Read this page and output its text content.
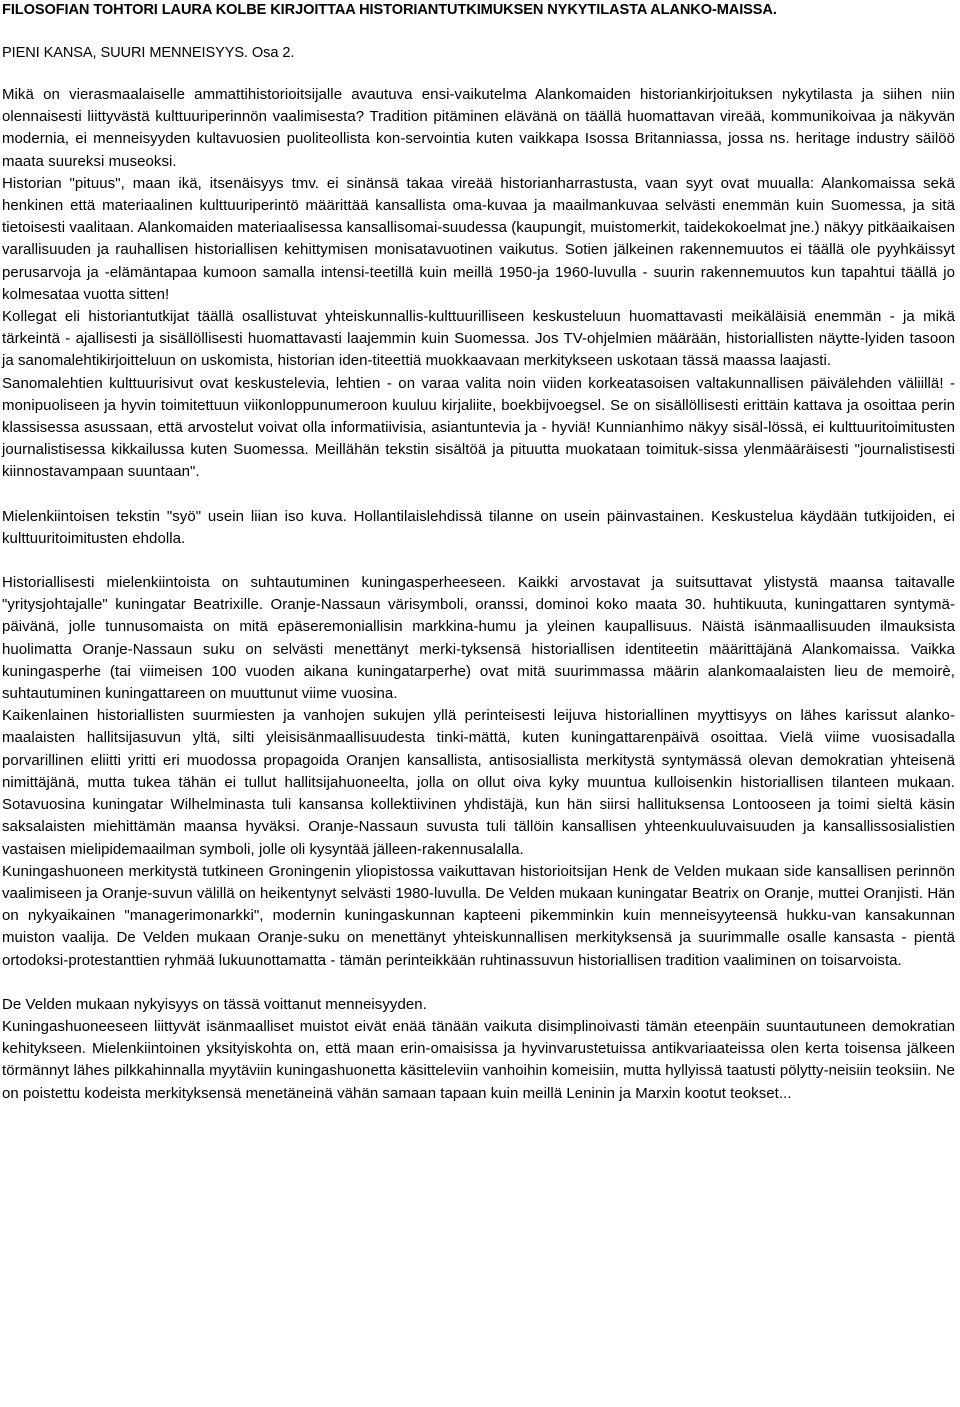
FILOSOFIAN TOHTORI LAURA KOLBE KIRJOITTAA HISTORIANTUTKIMUKSEN NYKYTILASTA ALANKO-MAISSA.
PIENI KANSA, SUURI MENNEISYYS. Osa 2.

Mikä on vierasmaalaiselle ammattihistorioitsijalle avautuva ensi-vaikutelma Alankomaiden historiankirjoituksen nykytilasta ja siihen niin olennaisesti liittyvästä kulttuuriperinnön vaalimisesta? Tradition pitäminen elävänä on täällä huomattavan vireää, kommunikoivaa ja näkyvän modernia, ei menneisyyden kultavuosien puoliteollista kon-servointia kuten vaikkapa Isossa Britanniassa, jossa ns. heritage industry säilöö maata suureksi museoksi.

Historian "pituus", maan ikä, itsenäisyys tmv. ei sinänsä takaa vireää historianharrastusta, vaan syyt ovat muualla: Alankomaissa sekä henkinen että materiaalinen kulttuuriperintö määrittää kansallista oma-kuvaa ja maailmankuvaa selvästi enemmän kuin Suomessa, ja sitä tietoisesti vaalitaan. Alankomaiden materiaalisessa kansallisomai-suudessa (kaupungit, muistomerkit, taidekokoelmat jne.) näkyy pitkäaikaisen varallisuuden ja rauhallisen historiallisen kehittymisen monisatavuotinen vaikutus. Sotien jälkeinen rakennemuutos ei täällä ole pyyhkäissyt perusarvoja ja -elämäntapaa kumoon samalla intensi-teetillä kuin meillä 1950-ja 1960-luvulla - suurin rakennemuutos kun tapahtui täällä jo kolmesataa vuotta sitten!

Kollegat eli historiantutkijat täällä osallistuvat yhteiskunnallis-kulttuurilliseen keskusteluun huomattavasti meikäläisiä enemmän - ja mikä tärkeintä - ajallisesti ja sisällöllisesti huomattavasti laajemmin kuin Suomessa. Jos TV-ohjelmien määrään, historiallisten näytte-lyiden tasoon ja sanomalehtikirjoitteluun on uskomista, historian iden-titeettiä muokkaavaan merkitykseen uskotaan tässä maassa laajasti.

Sanomalehtien kulttuurisivut ovat keskustelevia, lehtien - on varaa valita noin viiden korkeatasoisen valtakunnallisen päivälehden väliillä! - monipuoliseen ja hyvin toimitettuun viikonloppunumeroon kuuluu kirjaliite, boekbijvoegsel. Se on sisällöllisesti erittäin kattava ja osoittaa perin klassisessa asussaan, että arvostelut voivat olla informatiivisia, asiantuntevia ja - hyviä! Kunnianhimo näkyy sisäl-lössä, ei kulttuuritoimitusten journalistisessa kikkailussa kuten Suomessa. Meillähän tekstin sisältöä ja pituutta muokataan toimituk-sissa ylenmääräisesti "journalistisesti kiinnostavampaan suuntaan".

Mielenkiintoisen tekstin "syö" usein liian iso kuva. Hollantilaislehdissä tilanne on usein päinvastainen. Keskustelua käydään tutkijoiden, ei kulttuuritoimitusten ehdolla.

Historiallisesti mielenkiintoista on suhtautuminen kuningasperheeseen. Kaikki arvostavat ja suitsuttavat ylistystä maansa taitavalle "yritysjohtajalle" kuningatar Beatrixille. Oranje-Nassaun värisymboli, oranssi, dominoi koko maata 30. huhtikuuta, kuningattaren syntymä-päivänä, jolle tunnusomaista on mitä epäseremoniallisin markkina-humu ja yleinen kaupallisuus. Näistä isänmaallisuuden ilmauksista huolimatta Oranje-Nassaun suku on selvästi menettänyt merki-tyksensä historiallisen identiteetin määrittäjänä Alankomaissa. Vaikka kuningasperhe (tai viimeisen 100 vuoden aikana kuningatarperhe) ovat mitä suurimmassa määrin alankomaalaisten lieu de memoirè, suhtautuminen kuningattareen on muuttunut viime vuosina.

Kaikenlainen historiallisten suurmiesten ja vanhojen sukujen yllä perinteisesti leijuva historiallinen myyttisyys on lähes karissut alanko-maalaisten hallitsijasuvun yltä, silti yleisisänmaallisuudesta tinki-mättä, kuten kuningattarenpäivä osoittaa. Vielä viime vuosisadalla porvarillinen eliitti yritti eri muodossa propagoida Oranjen kansallista, antisosiallista merkitystä syntymässä olevan demokratian yhteisenä nimittäjänä, mutta tukea tähän ei tullut hallitsijahuoneelta, jolla on ollut oiva kyky muuntua kulloisenkin historiallisen tilanteen mukaan. Sotavuosina kuningatar Wilhelminasta tuli kansansa kollektiivinen yhdistäjä, kun hän siirsi hallituksensa Lontooseen ja toimi sieltä käsin saksalaisten miehittämän maansa hyväksi. Oranje-Nassaun suvusta tuli tällöin kansallisen yhteenkuuluvaisuuden ja kansallissosialistien vastaisen mielipidemaailman symboli, jolle oli kysyntää jälleen-rakennusalalla.

Kuningashuoneen merkitystä tutkineen Groningenin yliopistossa vaikuttavan historioitsijan Henk de Velden mukaan side kansallisen perinnön vaalimiseen ja Oranje-suvun välillä on heikentynyt selvästi 1980-luvulla. De Velden mukaan kuningatar Beatrix on Oranje, muttei Oranjisti. Hän on nykyaikainen "managerimonarkki", modernin kuningaskunnan kapteeni pikemminkin kuin menneisyyteensä hukku-van kansakunnan muiston vaalija. De Velden mukaan Oranje-suku on menettänyt yhteiskunnallisen merkityksensä ja suurimmalle osalle kansasta - pientä ortodoksi-protestanttien ryhmää lukuunottamatta - tämän perinteikkään ruhtinassuvun historiallisen tradition vaaliminen on toisarvoista.

De Velden mukaan nykyisyys on tässä voittanut menneisyyden.

Kuningashuoneeseen liittyvät isänmaalliset muistot eivät enää tänään vaikuta disimplinoivasti tämän eteenpäin suuntautuneen demokratian kehitykseen. Mielenkiintoinen yksityiskohta on, että maan erin-omaisissa ja hyvinvarustetuissa antikvariaateissa olen kerta toisensa jälkeen törmännyt lähes pilkkahinnalla myytäviin kuningashuonetta käsitteleviin vanhoihin komeisiin, mutta hyllyissä taatusti pölytty-neisiin teoksiin. Ne on poistettu kodeista merkityksensä menetäneinä vähän samaan tapaan kuin meillä Leninin ja Marxin kootut teokset...
